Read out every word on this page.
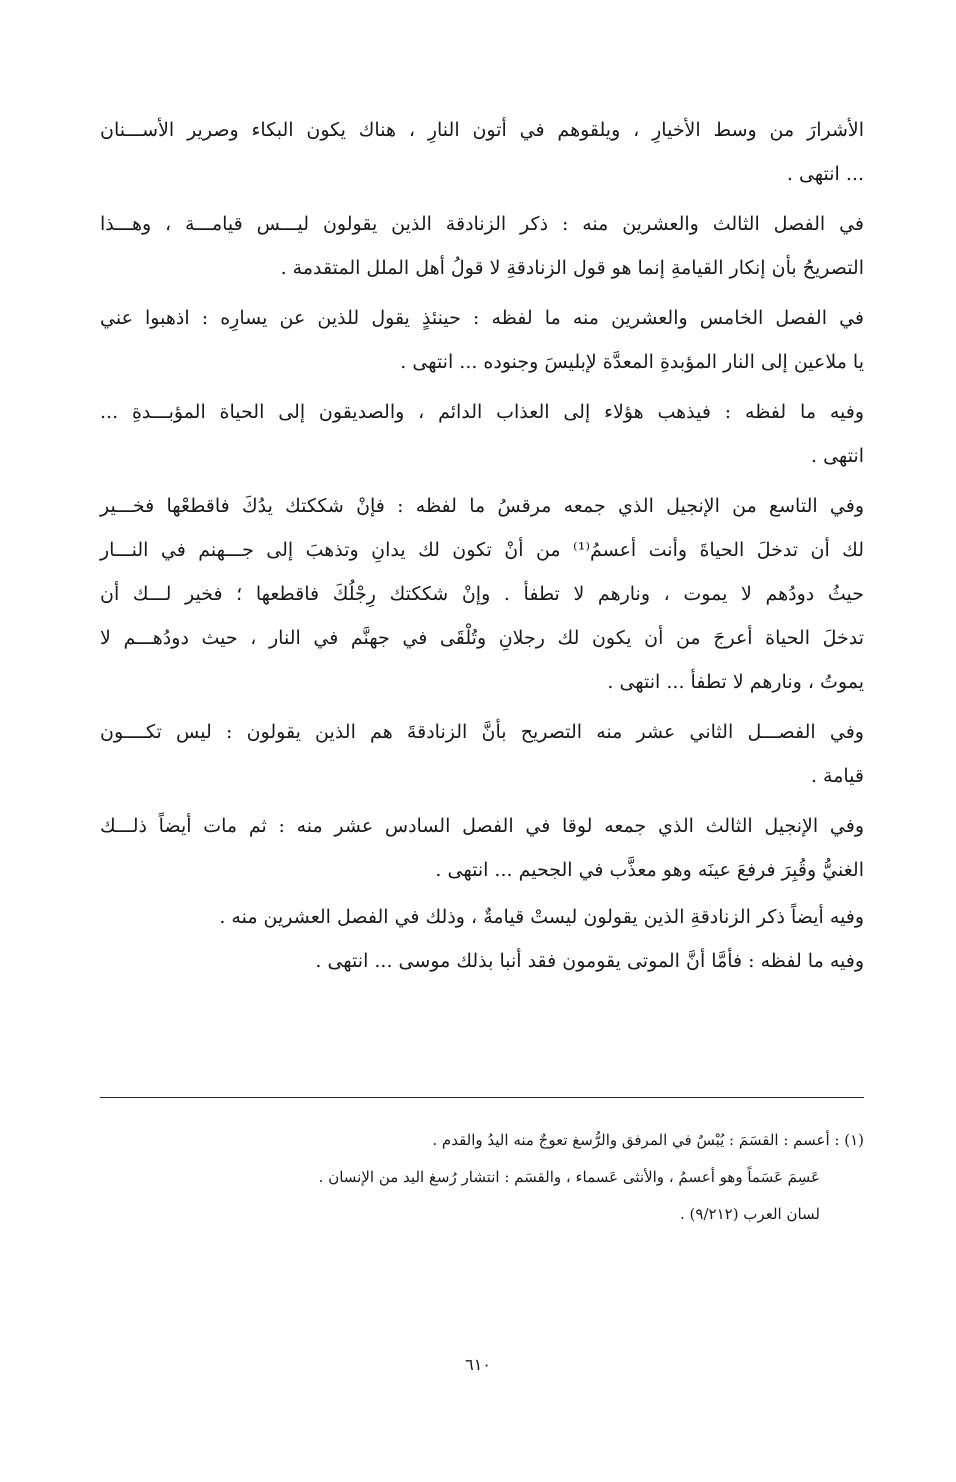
الأشرارَ من وسط الأخيارِ ، ويلقوهم في أتون النارِ ، هناك يكون البكاء وصرير الأســـنان
... انتهى .
في الفصل الثالث والعشرين منه : ذكر الزنادقة الذين يقولون ليـــس قيامـــة ، وهـــذا
التصريحُ بأن إنكار القيامةِ إنما هو قول الزنادقةِ لا قولُ أهل الملل المتقدمة .
في الفصل الخامس والعشرين منه ما لفظه : حينئذٍ يقول للذين عن يسارِه : اذهبوا عني
يا ملاعين إلى النار المؤبدةِ المعدَّة لإبليسَ وجنوده ... انتهى .
وفيه ما لفظه : فيذهب هؤلاء إلى العذاب الدائم ، والصديقون إلى الحياة المؤبـــدةِ ...
انتهى .
وفي التاسع من الإنجيل الذي جمعه مرقسُ ما لفظه : فإنْ شككتك يدُكَ فاقطعْها فخـــير
لك أن تدخلَ الحياةَ وأنت أعسمُ⁽¹⁾ من أنْ تكون لك يدانِ وتذهبَ إلى جـــهنم في النـــار
حيثُ دودُهم لا يموت ، ونارهم لا تطفأ . وإنْ شككتك رِجْلُكَ فاقطعها ؛ فخير لـــك أن
تدخلَ الحياة أعرجَ من أن يكون لك رجلانِ وتُلْقَى في جهنَّم في النار ، حيث دودُهـــم لا
يموتُ ، ونارهم لا تطفأ ... انتهى .
وفي الفصـــل الثاني عشر منه التصريح بأنَّ الزنادقةَ هم الذين يقولون : ليس تكــــون
قيامة .
وفي الإنجيل الثالث الذي جمعه لوقا في الفصل السادس عشر منه : ثم مات أيضاً ذلـــك
الغنيُّ وقُبِرَ فرفعَ عينَه وهو معذَّب في الجحيم ... انتهى .
وفيه أيضاً ذكر الزنادقةِ الذين يقولون ليستْ قيامةٌ ، وذلك في الفصل العشرين منه .
وفيه ما لفظه : فأمَّا أنَّ الموتى يقومون فقد أنبا بذلك موسى ... انتهى .
(١) : أعسم : القسَمَ : يُبْسٌ في المرفق والرُّسغ تعوجٌ منه اليدُ والقدم .
عَسِمَ عَسَماً وهو أعسمُ ، والأنثى عَسماء ، والقسَم : انتشار رُسغ اليد من الإنسان .
لسان العرب (٩/٢١٢) .
٦١٠
